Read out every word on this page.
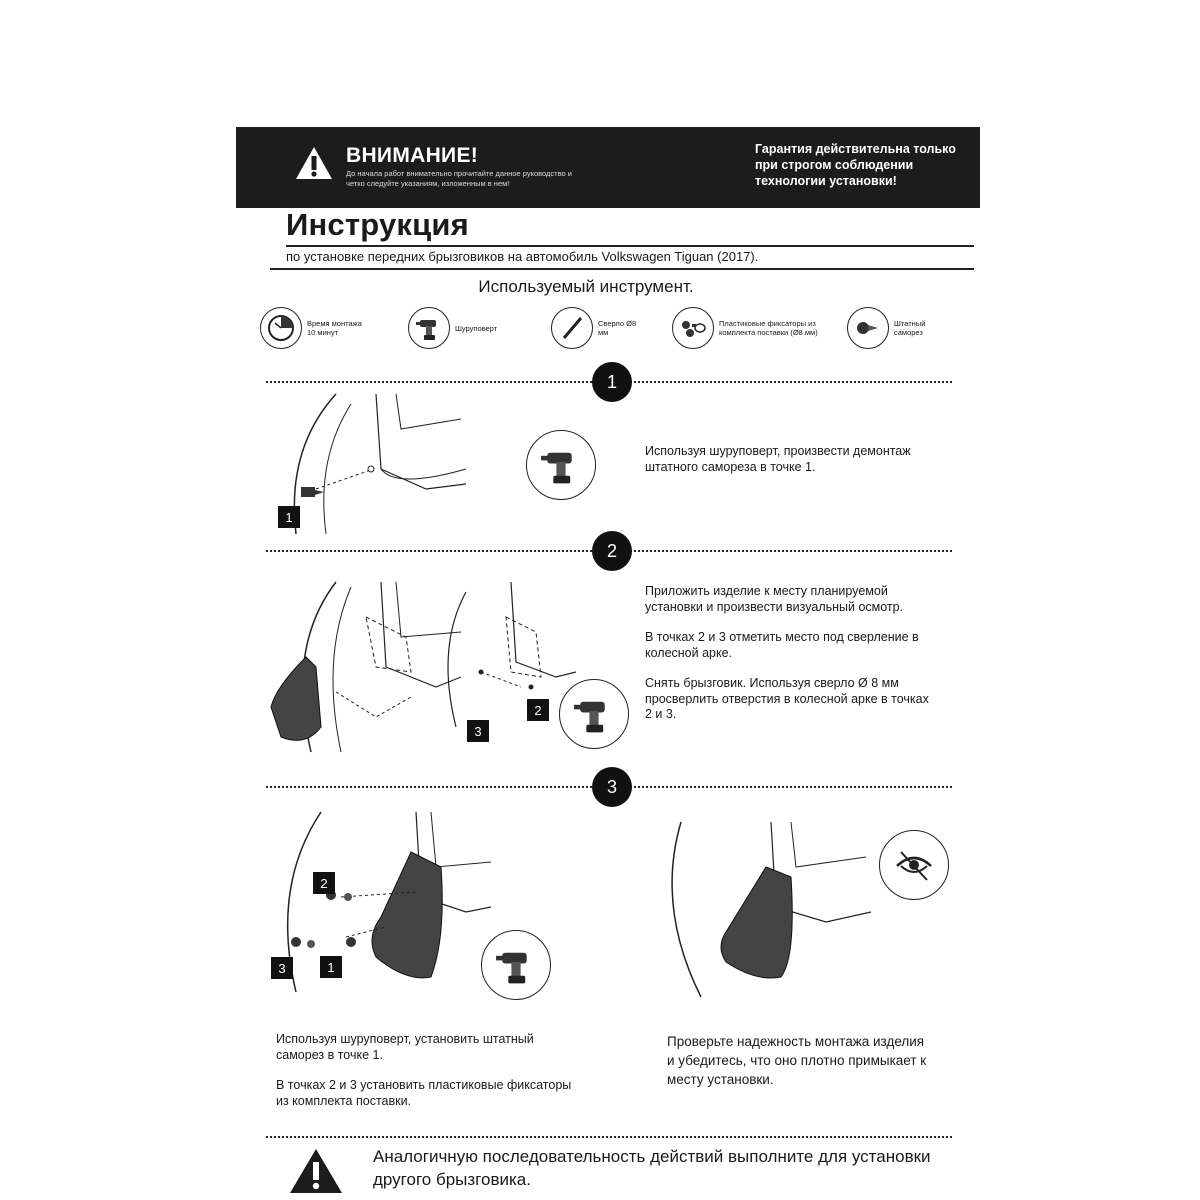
ВНИМАНИЕ!
До начала работ внимательно прочитайте данное руководство и четко следуйте указаниям, изложенным в нем!
Гарантия действительна только при строгом соблюдении технологии установки!
Инструкция
по установке передних брызговиков на автомобиль Volkswagen Tiguan (2017).
Используемый инструмент.
Время монтажа 10 минут	Шуруповерт	Сверло Ø8 мм
Пластиковые фиксаторы из комплекта поставки (Ø8 мм)
Штатный саморез
1
1

Используя шуруповерт, произвести демонтаж штатного самореза в точке 1.

2
3
2

Приложить изделие к месту планируемой установки и произвести визуальный осмотр.

В точках 2 и 3 отметить место под сверление в колесной арке.

Снять брызговик. Используя сверло Ø 8 мм просверлить отверстия в колесной арке в точках 2 и 3.

3
2
3	1

Используя шуруповерт, установить штатный саморез в точке 1.

В точках 2 и 3 установить пластиковые фиксаторы из комплекта поставки.

Проверьте надежность монтажа изделия и убедитесь, что оно плотно примыкает к месту установки.

Аналогичную последовательность действий выполните для установки другого брызговика.
